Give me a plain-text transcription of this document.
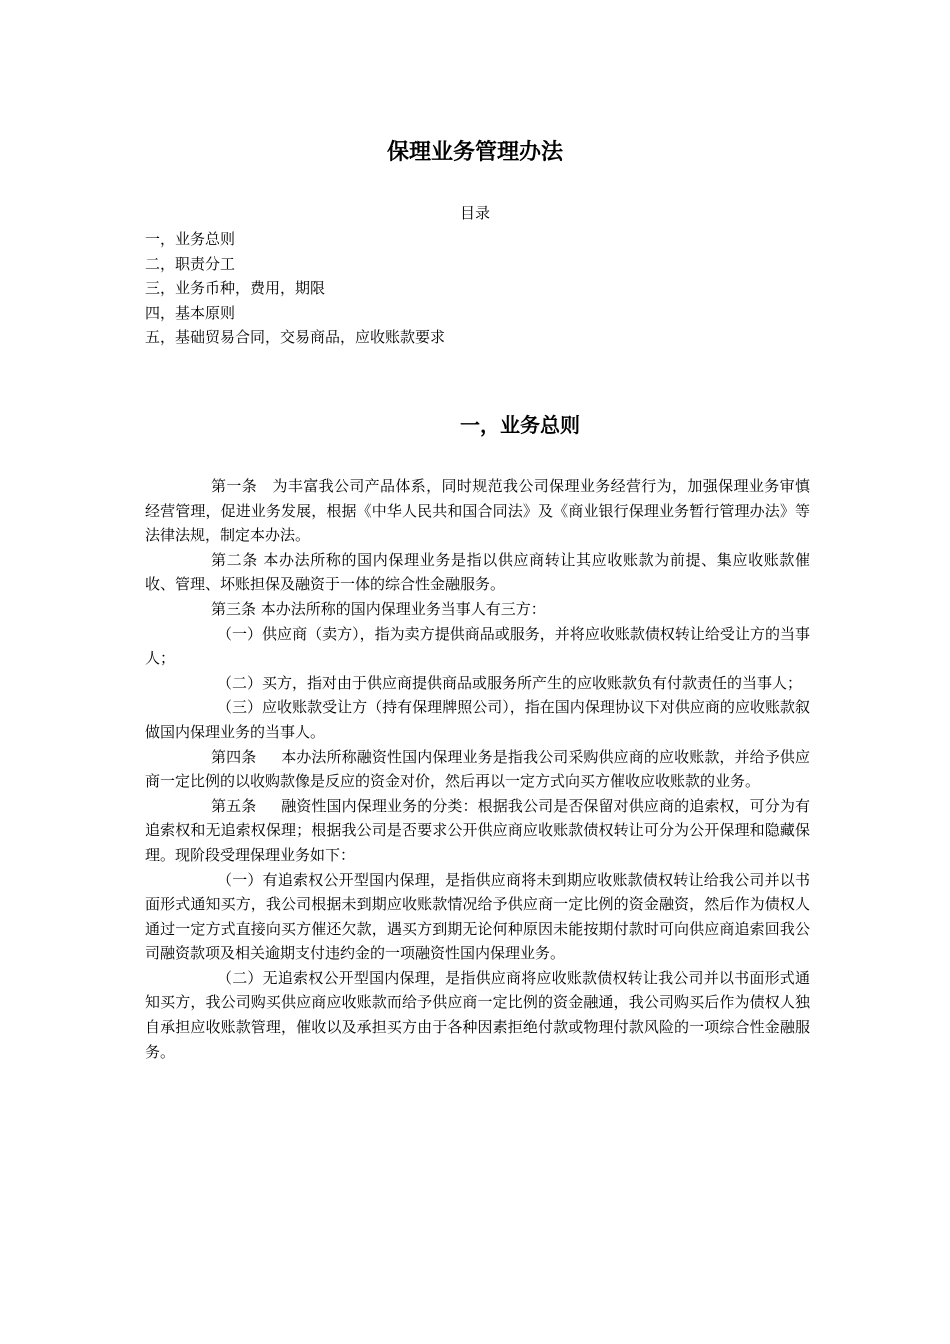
保理业务管理办法
目录
一，业务总则
二，职责分工
三，业务币种，费用，期限
四，基本原则
五，基础贸易合同，交易商品，应收账款要求
一，业务总则

第一条　为丰富我公司产品体系，同时规范我公司保理业务经营行为，加强保理业务审慎经营管理，促进业务发展，根据《中华人民共和国合同法》及《商业银行保理业务暂行管理办法》等法律法规，制定本办法。

第二条 本办法所称的国内保理业务是指以供应商转让其应收账款为前提、集应收账款催收、管理、坏账担保及融资于一体的综合性金融服务。

第三条 本办法所称的国内保理业务当事人有三方：

（一）供应商（卖方），指为卖方提供商品或服务，并将应收账款债权转让给受让方的当事人；

（二）买方，指对由于供应商提供商品或服务所产生的应收账款负有付款责任的当事人；

（三）应收账款受让方（持有保理牌照公司），指在国内保理协议下对供应商的应收账款叙做国内保理业务的当事人。

第四条 　 本办法所称融资性国内保理业务是指我公司采购供应商的应收账款，并给予供应商一定比例的以收购款像是反应的资金对价，然后再以一定方式向买方催收应收账款的业务。

第五条 　 融资性国内保理业务的分类：根据我公司是否保留对供应商的追索权，可分为有追索权和无追索权保理；根据我公司是否要求公开供应商应收账款债权转让可分为公开保理和隐藏保理。现阶段受理保理业务如下：

（一）有追索权公开型国内保理，是指供应商将未到期应收账款债权转让给我公司并以书面形式通知买方，我公司根据未到期应收账款情况给予供应商一定比例的资金融资，然后作为债权人通过一定方式直接向买方催还欠款，遇买方到期无论何种原因未能按期付款时可向供应商追索回我公司融资款项及相关逾期支付违约金的一项融资性国内保理业务。

（二）无追索权公开型国内保理，是指供应商将应收账款债权转让我公司并以书面形式通知买方，我公司购买供应商应收账款而给予供应商一定比例的资金融通，我公司购买后作为债权人独自承担应收账款管理，催收以及承担买方由于各种因素拒绝付款或物理付款风险的一项综合性金融服务。
